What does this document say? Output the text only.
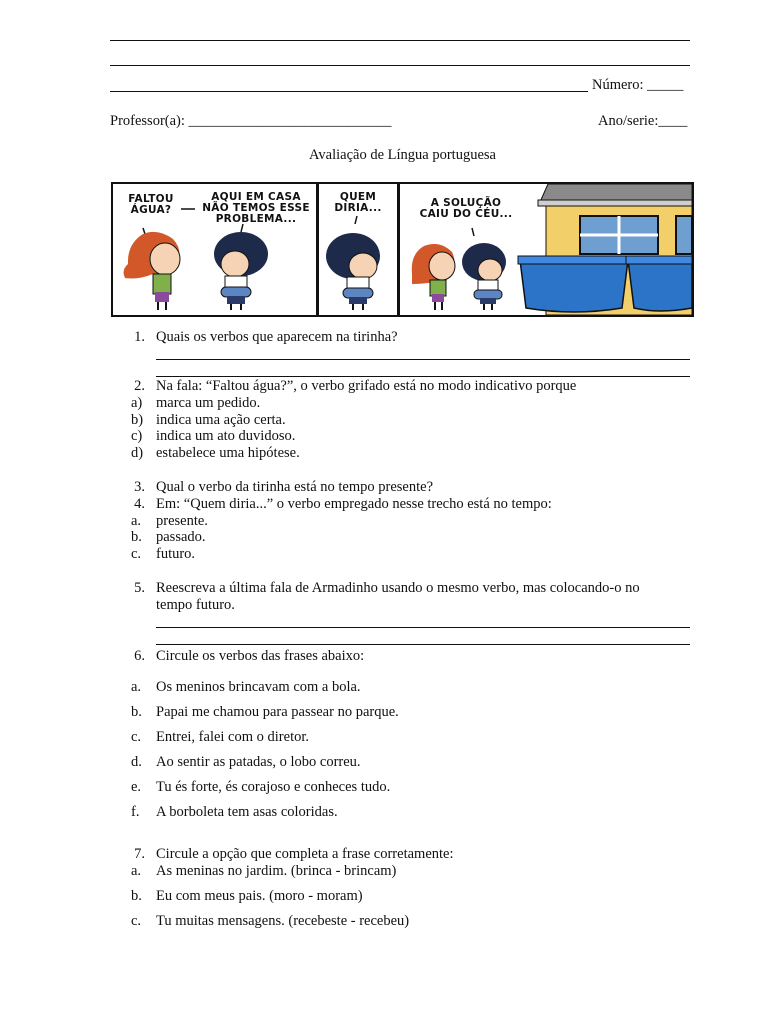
Número: _____
Professor(a): ____________________________	Ano/serie:____
Avaliação de Língua portuguesa
FALTOU
ÁGUA?
AQUI EM CASA
NÃO TEMOS ESSE
PROBLEMA...
QUEM
DIRIA...	A SOLUÇÃO
CAIU DO CÉU...
1. Quais os verbos que aparecem na tirinha?
2. Na fala: “Faltou água?”, o verbo grifado está no modo indicativo porque
a) marca um pedido.
b) indica uma ação certa.
c) indica um ato duvidoso.
d) estabelece uma hipótese.
3. Qual o verbo da tirinha está no tempo presente?
4. Em: “Quem diria...” o verbo empregado nesse trecho está no tempo:
a. presente.
b. passado.
c. futuro.
5. Reescreva a última fala de Armadinho usando o mesmo verbo, mas colocando-o no
tempo futuro.
6. Circule os verbos das frases abaixo:
a. Os meninos brincavam com a bola.
b. Papai me chamou para passear no parque.
c. Entrei, falei com o diretor.
d. Ao sentir as patadas, o lobo correu.
e. Tu és forte, és corajoso e conheces tudo.
f. A borboleta tem asas coloridas.
7. Circule a opção que completa a frase corretamente:
a. As meninas no jardim. (brinca - brincam)
b. Eu com meus pais. (moro - moram)
c. Tu muitas mensagens. (recebeste - recebeu)
